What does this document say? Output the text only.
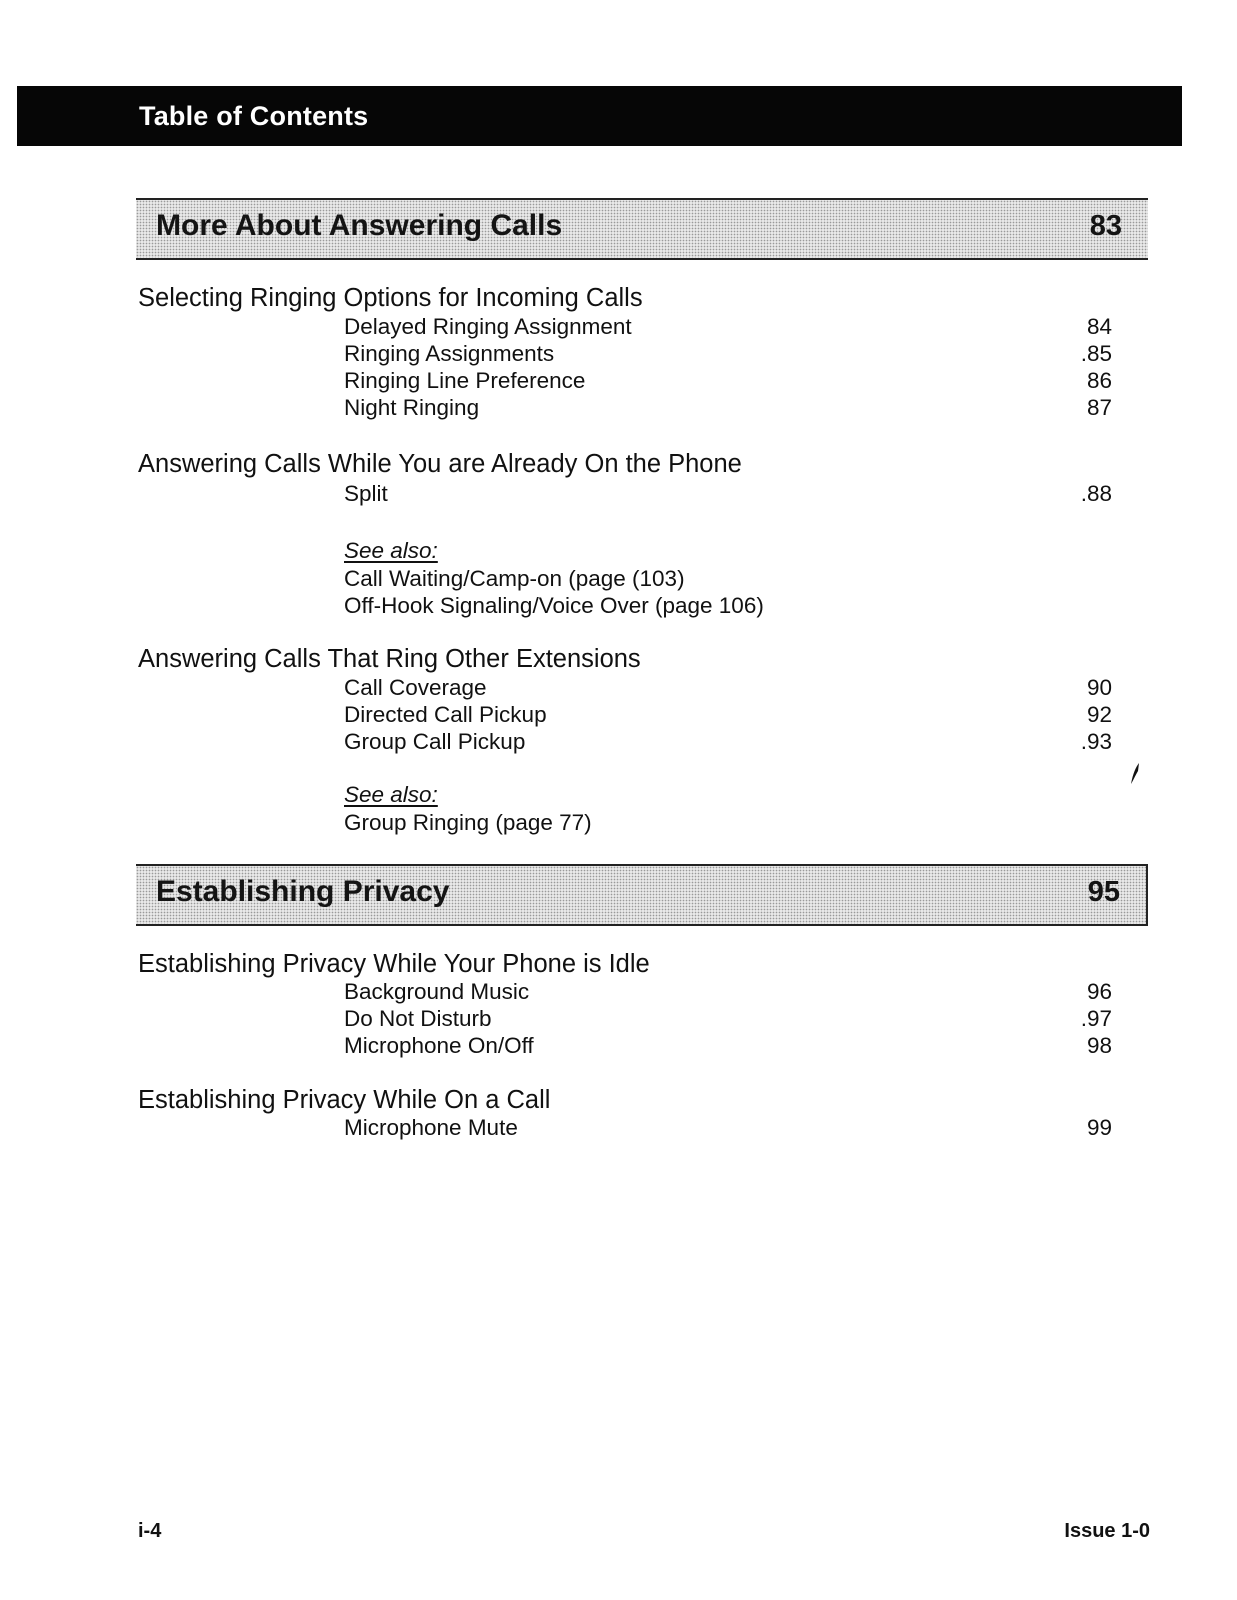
Table of Contents
More About Answering Calls	83
Selecting Ringing Options for Incoming Calls
Delayed Ringing Assignment	84
Ringing Assignments	.85
Ringing Line Preference	86
Night Ringing	87
Answering Calls While You are Already On the Phone
Split	.88
See also:
Call Waiting/Camp-on (page (103)
Off-Hook Signaling/Voice Over (page 106)
Answering Calls That Ring Other Extensions
Call Coverage	90
Directed Call Pickup	92
Group Call Pickup	.93
See also:
Group Ringing (page 77)
Establishing Privacy	95
Establishing Privacy While Your Phone is Idle
Background Music	96
Do Not Disturb	.97
Microphone On/Off	98
Establishing Privacy While On a Call
Microphone Mute	99
i-4	Issue 1-0
